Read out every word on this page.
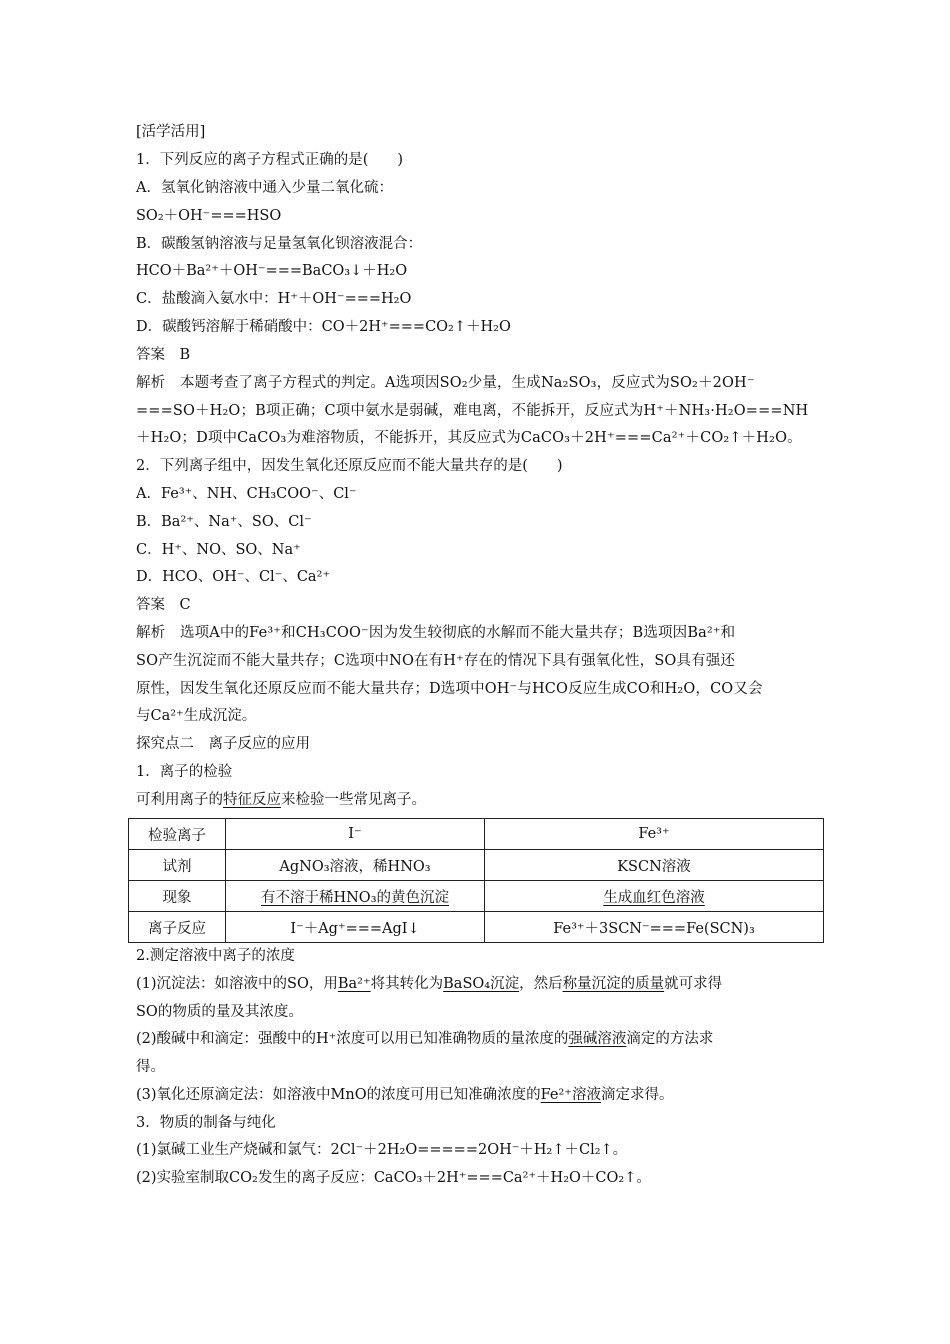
[活学活用]
1．下列反应的离子方程式正确的是(　　)
A．氢氧化钠溶液中通入少量二氧化硫：
SO₂＋OH⁻===HSO
B．碳酸氢钠溶液与足量氢氧化钡溶液混合：
HCO＋Ba²⁺＋OH⁻===BaCO₃↓＋H₂O
C．盐酸滴入氨水中：H⁺＋OH⁻===H₂O
D．碳酸钙溶解于稀硝酸中：CO＋2H⁺===CO₂↑＋H₂O
答案　B
解析　本题考查了离子方程式的判定。A选项因SO₂少量，生成Na₂SO₃，反应式为SO₂＋2OH⁻
===SO＋H₂O；B项正确；C项中氨水是弱碱，难电离，不能拆开，反应式为H⁺＋NH₃·H₂O===NH
＋H₂O；D项中CaCO₃为难溶物质，不能拆开，其反应式为CaCO₃＋2H⁺===Ca²⁺＋CO₂↑＋H₂O。
2．下列离子组中，因发生氧化还原反应而不能大量共存的是(　　)
A．Fe³⁺、NH、CH₃COO⁻、Cl⁻
B．Ba²⁺、Na⁺、SO、Cl⁻
C．H⁺、NO、SO、Na⁺
D．HCO、OH⁻、Cl⁻、Ca²⁺
答案　C
解析　选项A中的Fe³⁺和CH₃COO⁻因为发生较彻底的水解而不能大量共存；B选项因Ba²⁺和
SO产生沉淀而不能大量共存；C选项中NO在有H⁺存在的情况下具有强氧化性，SO具有强还
原性，因发生氧化还原反应而不能大量共存；D选项中OH⁻与HCO反应生成CO和H₂O，CO又会
与Ca²⁺生成沉淀。
探究点二　离子反应的应用
1．离子的检验
可利用离子的特征反应来检验一些常见离子。
检验离子	I⁻	Fe³⁺
试剂	AgNO₃溶液，稀HNO₃	KSCN溶液
现象	有不溶于稀HNO₃的黄色沉淀	生成血红色溶液
离子反应	I⁻＋Ag⁺===AgI↓	Fe³⁺＋3SCN⁻===Fe(SCN)₃
2.测定溶液中离子的浓度
(1)沉淀法：如溶液中的SO，用Ba²⁺将其转化为BaSO₄沉淀，然后称量沉淀的质量就可求得
SO的物质的量及其浓度。
(2)酸碱中和滴定：强酸中的H⁺浓度可以用已知准确物质的量浓度的强碱溶液滴定的方法求
得。
(3)氧化还原滴定法：如溶液中MnO的浓度可用已知准确浓度的Fe²⁺溶液滴定求得。
3．物质的制备与纯化
(1)氯碱工业生产烧碱和氯气：2Cl⁻＋2H₂O=====2OH⁻＋H₂↑＋Cl₂↑。
(2)实验室制取CO₂发生的离子反应：CaCO₃＋2H⁺===Ca²⁺＋H₂O＋CO₂↑。
